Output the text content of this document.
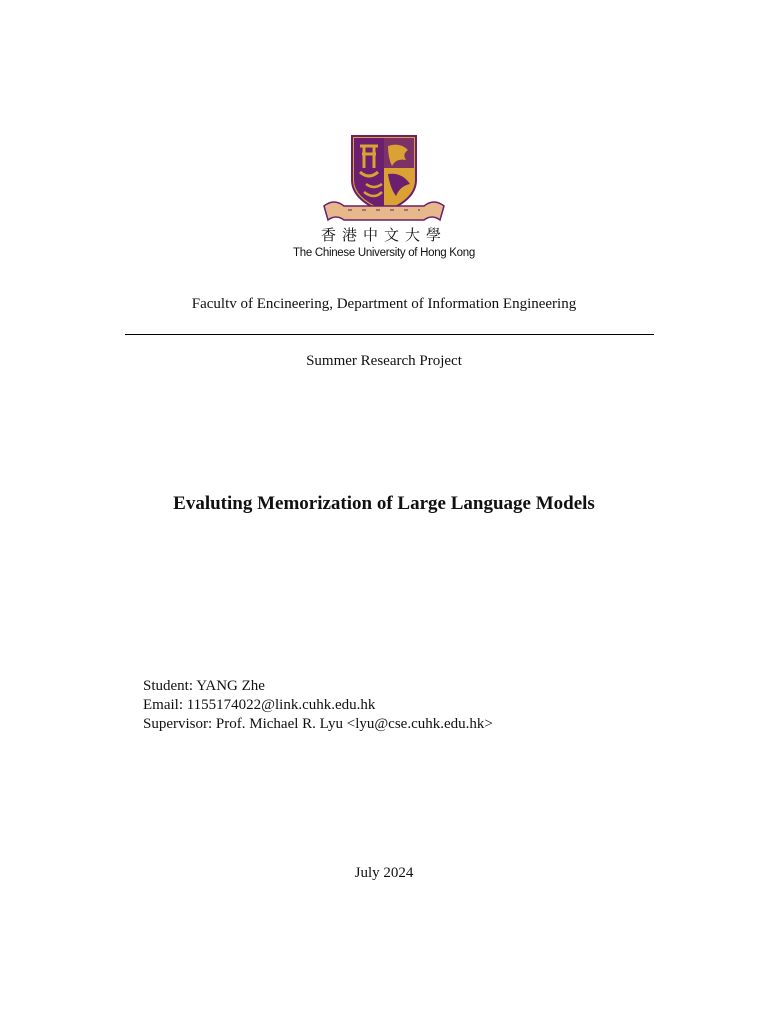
香港中文大學
The Chinese University of Hong Kong
Facultv of Encineering, Department of Information Engineering
Summer Research Project
Evaluting Memorization of Large Language Models
Student: YANG Zhe
Email: 1155174022@link.cuhk.edu.hk
Supervisor: Prof. Michael R. Lyu <lyu@cse.cuhk.edu.hk>
July 2024
